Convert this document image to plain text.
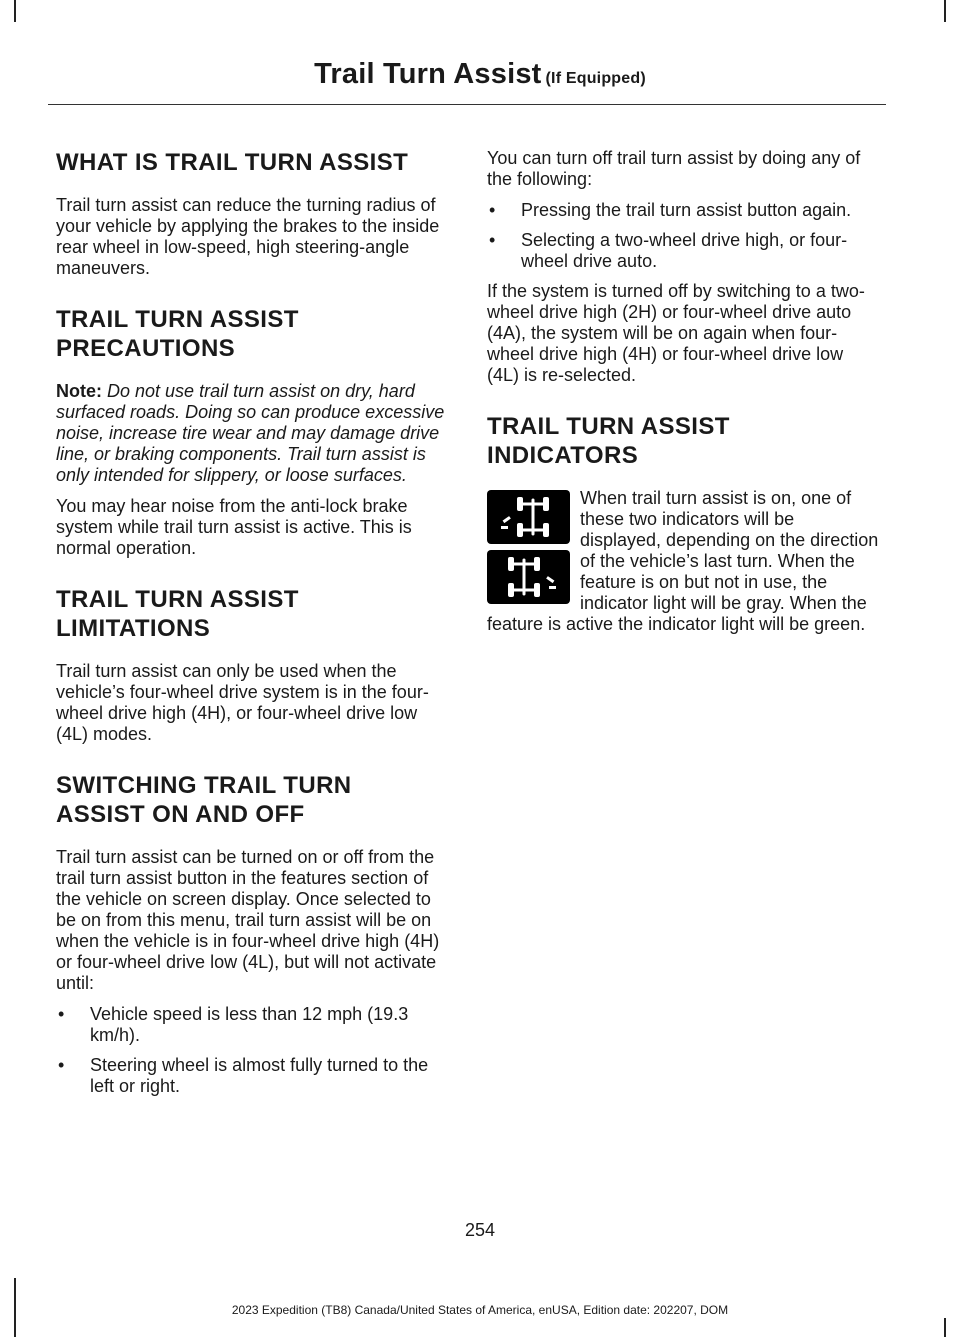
Trail Turn Assist (If Equipped)
WHAT IS TRAIL TURN ASSIST

Trail turn assist can reduce the turning radius of your vehicle by applying the brakes to the inside rear wheel in low-speed, high steering-angle maneuvers.

TRAIL TURN ASSIST
PRECAUTIONS

Note: Do not use trail turn assist on dry, hard surfaced roads. Doing so can produce excessive noise, increase tire wear and may damage drive line, or braking components. Trail turn assist is only intended for slippery, or loose surfaces.

You may hear noise from the anti-lock brake system while trail turn assist is active. This is normal operation.

TRAIL TURN ASSIST
LIMITATIONS

Trail turn assist can only be used when the vehicle’s four-wheel drive system is in the four-wheel drive high (4H), or four-wheel drive low (4L) modes.

SWITCHING TRAIL TURN
ASSIST ON AND OFF

Trail turn assist can be turned on or off from the trail turn assist button in the features section of the vehicle on screen display. Once selected to be on from this menu, trail turn assist will be on when the vehicle is in four-wheel drive high (4H) or four-wheel drive low (4L), but will not activate until:

• Vehicle speed is less than 12 mph (19.3 km/h).
• Steering wheel is almost fully turned to the left or right.

You can turn off trail turn assist by doing any of the following:

• Pressing the trail turn assist button again.
• Selecting a two-wheel drive high, or four-wheel drive auto.

If the system is turned off by switching to a two-wheel drive high (2H) or four-wheel drive auto (4A), the system will be on again when four-wheel drive high (4H) or four-wheel drive low (4L) is re-selected.

TRAIL TURN ASSIST
INDICATORS

When trail turn assist is on, one of these two indicators will be displayed, depending on the direction of the vehicle’s last turn. When the feature is on but not in use, the indicator light will be gray. When the feature is active the indicator light will be green.

254
2023 Expedition (TB8) Canada/United States of America, enUSA, Edition date: 202207, DOM
